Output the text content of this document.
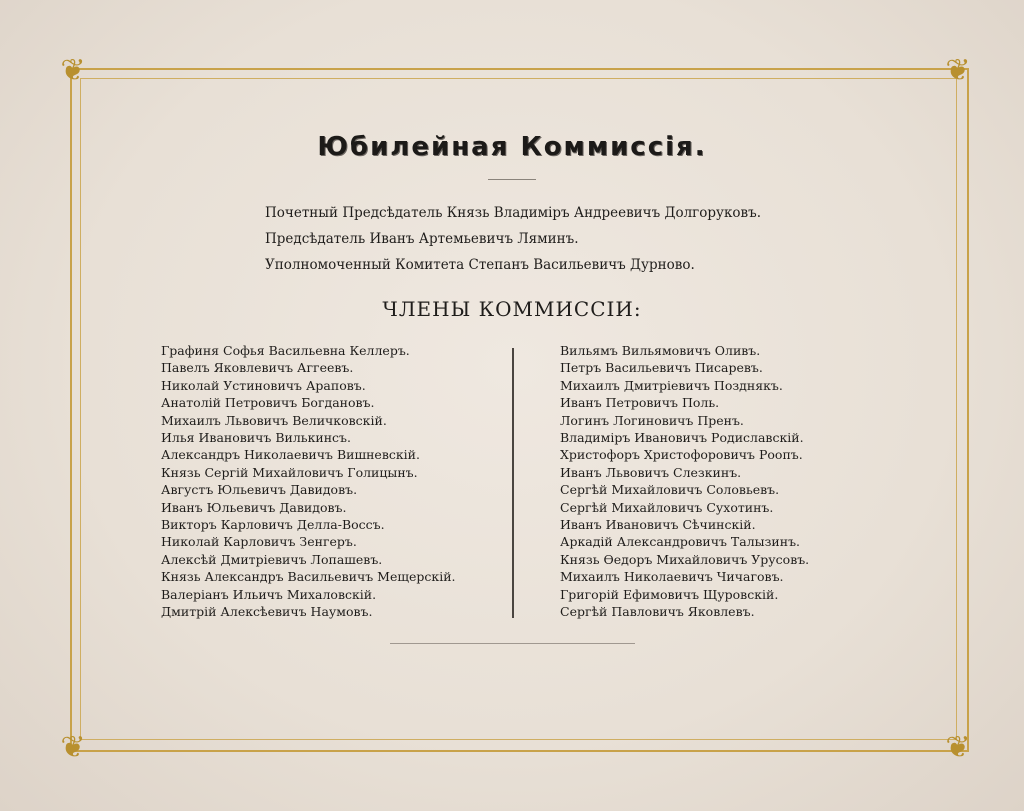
❦	❦
❦	❦
Юбилейная Коммиссія.
Почетный Предсѣдатель Князь Владиміръ Андреевичъ Долгоруковъ.
Предсѣдатель Иванъ Артемьевичъ Ляминъ.
Уполномоченный Комитета Степанъ Васильевичъ Дурново.
ЧЛЕНЫ КОММИССІИ:
Графиня Софья Васильевна Келлеръ.
Павелъ Яковлевичъ Аггеевъ.
Николай Устиновичъ Араповъ.
Анатолій Петровичъ Богдановъ.
Михаилъ Львовичъ Величковскій.
Илья Ивановичъ Вилькинсъ.
Александръ Николаевичъ Вишневскій.
Князь Сергій Михайловичъ Голицынъ.
Августъ Юльевичъ Давидовъ.
Иванъ Юльевичъ Давидовъ.
Викторъ Карловичъ Делла-Воссъ.
Николай Карловичъ Зенгеръ.
Алексѣй Дмитріевичъ Лопашевъ.
Князь Александръ Васильевичъ Мещерскій.
Валеріанъ Ильичъ Михаловскій.
Дмитрій Алексѣевичъ Наумовъ.
Вильямъ Вильямовичъ Оливъ.
Петръ Васильевичъ Писаревъ.
Михаилъ Дмитріевичъ Позднякъ.
Иванъ Петровичъ Поль.
Логинъ Логиновичъ Пренъ.
Владиміръ Ивановичъ Родиславскій.
Христофоръ Христофоровичъ Роопъ.
Иванъ Львовичъ Слезкинъ.
Сергѣй Михайловичъ Соловьевъ.
Сергѣй Михайловичъ Сухотинъ.
Иванъ Ивановичъ Сѣчинскій.
Аркадій Александровичъ Талызинъ.
Князь Ѳедоръ Михайловичъ Урусовъ.
Михаилъ Николаевичъ Чичаговъ.
Григорій Ефимовичъ Щуровскій.
Сергѣй Павловичъ Яковлевъ.
